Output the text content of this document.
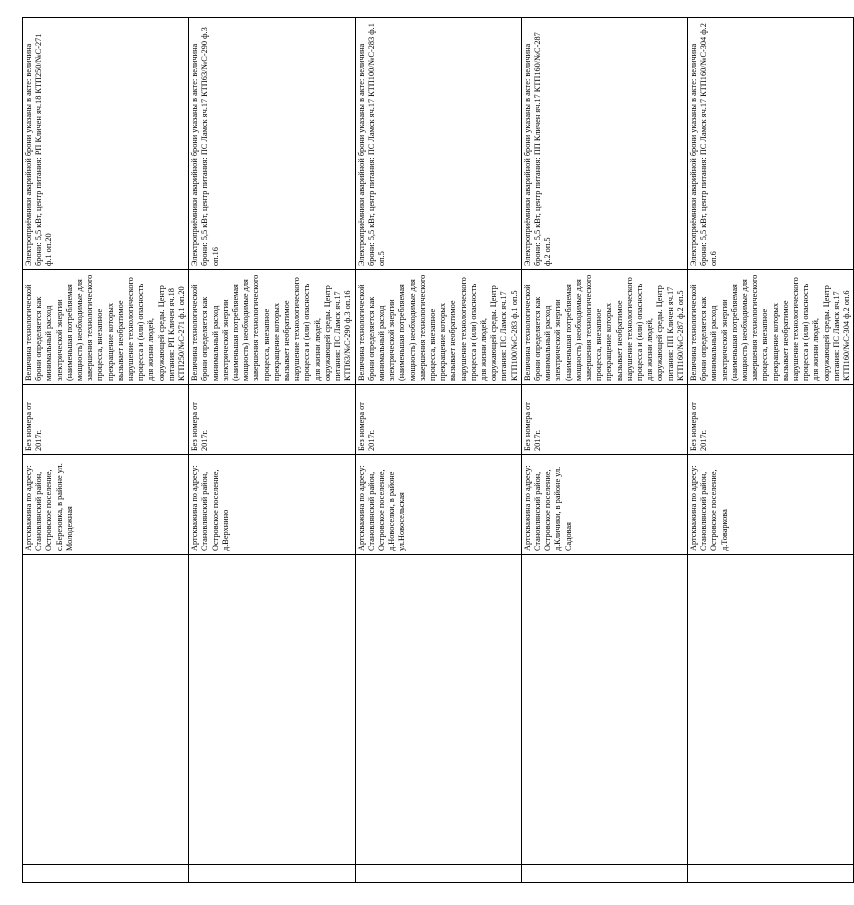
		Артскважина по адресу: Становлянский район, Островское поселение, с.Березовка, в районе ул. Молодежная	Без номера от 2017г.	Величина технологической брони определяется как минимальный расход электрической энергии (наименьшая потребляемая мощность) необходимые для завершения технологического процесса, внезапное прекращение которых вызывает необратимое нарушение технологического процесса и (или) опасность для жизни людей, окружающей среды. Центр питания: РП Кличен яч.18 КТП250/№С-271 ф.1 оп.20	Электроприёмники аварийной брони указаны в акте: величина брони: 5,5 кВт, центр питания: РП Кличен яч.18 КТП250/№С-271 ф.1 оп.20
		Артскважина по адресу: Становлянский район, Островское поселение, д.Верхнино	Без номера от 2017г.	Величина технологической брони определяется как минимальный расход электрической энергии (наименьшая потребляемая мощность) необходимые для завершения технологического процесса, внезапное прекращение которых вызывает необратимое нарушение технологического процесса и (или) опасность для жизни людей, окружающей среды. Центр питания: ПС Ламск яч.17 КТП63/№С-290 ф.3 оп.16	Электроприёмники аварийной брони указаны в акте: величина брони: 5,5 кВт, центр питания: ПС Ламск яч.17 КТП63/№С-290 ф.3 оп.16
		Артскважина по адресу: Становлянский район, Островское поселение, д.Новоселки, в районе ул.Новосельская	Без номера от 2017г.	Величина технологической брони определяется как минимальный расход электрической энергии (наименьшая потребляемая мощность) необходимые для завершения технологического процесса, внезапное прекращение которых вызывает необратимое нарушение технологического процесса и (или) опасность для жизни людей, окружающей среды. Центр питания: ПС Ламск яч.17 КТП100/№С-283 ф.1 оп.5	Электроприёмники аварийной брони указаны в акте: величина брони: 5,5 кВт, центр питания: ПС Ламск яч.17 КТП100/№С-283 ф.1 оп.5
		Артскважина по адресу: Становлянский район, Островское поселение, д.Кличики, в районе ул. Садовая	Без номера от 2017г.	Величина технологической брони определяется как минимальный расход электрической энергии (наименьшая потребляемая мощность) необходимые для завершения технологического процесса, внезапное прекращение которых вызывает необратимое нарушение технологического процесса и (или) опасность для жизни людей, окружающей среды. Центр питания: ПП Кличен яч.17 КТП160/№С-287 ф.2 оп.5	Электроприёмники аварийной брони указаны в акте: величина брони: 5,5 кВт, центр питания: ПП Кличен яч.17 КТП160/№С-287 ф.2 оп.5
		Артскважина по адресу: Становлянский район, Островское поселение, д.Товаркова	Без номера от 2017г.	Величина технологической брони определяется как минимальный расход электрической энергии (наименьшая потребляемая мощность) необходимые для завершения технологического процесса, внезапное прекращение которых вызывает необратимое нарушение технологического процесса и (или) опасность для жизни людей, окружающей среды. Центр питания: ПС Ламск яч.17 КТП160/№С-304 ф.2 оп.6	Электроприёмники аварийной брони указаны в акте: величина брони: 5,5 кВт, центр питания: ПС Ламск яч.17 КТП160/№С-304 ф.2 оп.6
